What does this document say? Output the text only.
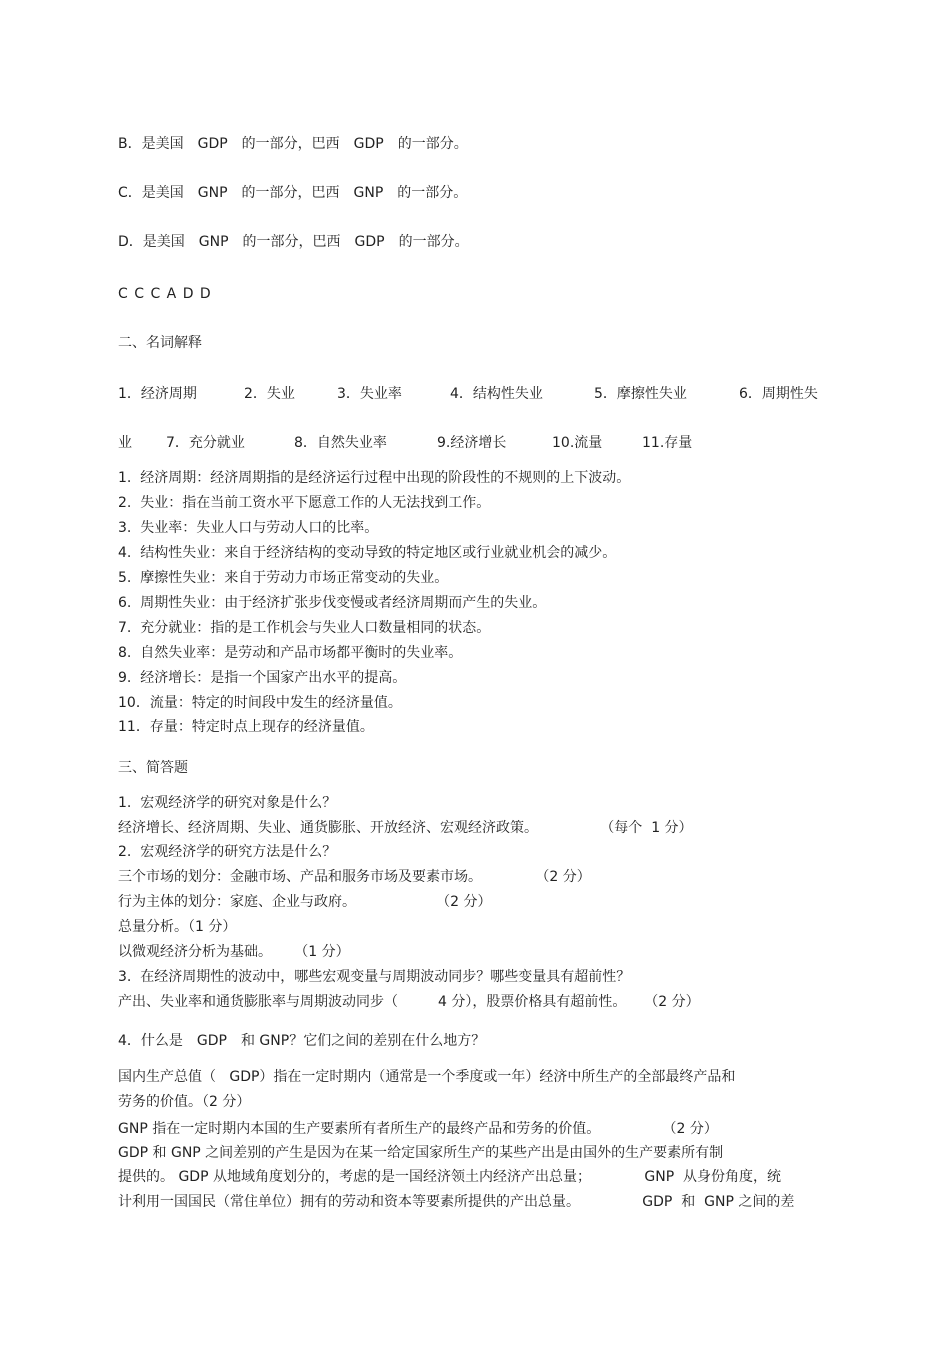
B．是美国　GDP　的一部分，巴西　GDP　的一部分。
C．是美国　GNP　的一部分，巴西　GNP　的一部分。
D．是美国　GNP　的一部分，巴西　GDP　的一部分。
C C C A D D
二、名词解释
1．经济周期	2．失业	3．失业率	4．结构性失业	5．摩擦性失业	6．周期性失
业 7．充分就业	8．自然失业率	9.经济增长	10.流量	11.存量
1.  经济周期：经济周期指的是经济运行过程中出现的阶段性的不规则的上下波动。
2.  失业：指在当前工资水平下愿意工作的人无法找到工作。
3.  失业率：失业人口与劳动人口的比率。
4.  结构性失业：来自于经济结构的变动导致的特定地区或行业就业机会的减少。
5.  摩擦性失业：来自于劳动力市场正常变动的失业。
6.  周期性失业：由于经济扩张步伐变慢或者经济周期而产生的失业。
7.  充分就业：指的是工作机会与失业人口数量相同的状态。
8.  自然失业率：是劳动和产品市场都平衡时的失业率。
9.  经济增长：是指一个国家产出水平的提高。
10．流量：特定的时间段中发生的经济量值。
11．存量：特定时点上现存的经济量值。
三、简答题
1.  宏观经济学的研究对象是什么？
经济增长、经济周期、失业、通货膨胀、开放经济、宏观经济政策。              （每个  1 分）
2.  宏观经济学的研究方法是什么？
三个市场的划分：金融市场、产品和服务市场及要素市场。            （2 分）
行为主体的划分：家庭、企业与政府。                  （2 分）
总量分析。（1 分）
以微观经济分析为基础。     （1 分）
3.  在经济周期性的波动中，哪些宏观变量与周期波动同步？哪些变量具有超前性？
产出、失业率和通货膨胀率与周期波动同步（         4 分），股票价格具有超前性。    （2 分）
4．什么是　GDP　和 GNP？它们之间的差别在什么地方？
国内生产总值（   GDP）指在一定时期内（通常是一个季度或一年）经济中所生产的全部最终产品和
劳务的价值。（2 分）
GNP 指在一定时期内本国的生产要素所有者所生产的最终产品和劳务的价值。              （2 分）
GDP 和 GNP 之间差别的产生是因为在某一给定国家所生产的某些产出是由国外的生产要素所有制
提供的。 GDP 从地域角度划分的，考虑的是一国经济领土内经济产出总量；            GNP  从身份角度，统
计利用一国国民（常住单位）拥有的劳动和资本等要素所提供的产出总量。              GDP  和  GNP 之间的差
